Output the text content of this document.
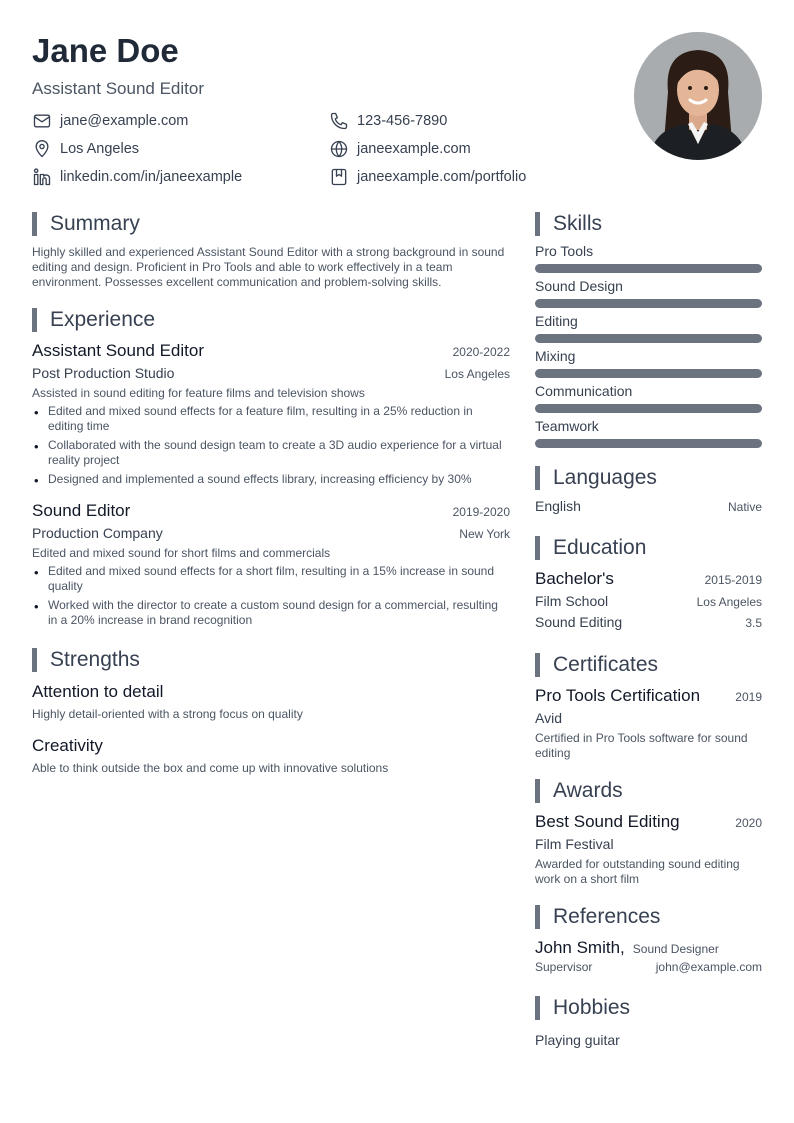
Jane Doe
Assistant Sound Editor
jane@example.com	123-456-7890
Los Angeles	janeexample.com
linkedin.com/in/janeexample	janeexample.com/portfolio
Summary
Highly skilled and experienced Assistant Sound Editor with a strong background in sound editing and design. Proficient in Pro Tools and able to work effectively in a team environment. Possesses excellent communication and problem-solving skills.
Experience
Assistant Sound Editor	2020-2022
Post Production Studio	Los Angeles
Assisted in sound editing for feature films and television shows
• Edited and mixed sound effects for a feature film, resulting in a 25% reduction in editing time
• Collaborated with the sound design team to create a 3D audio experience for a virtual reality project
• Designed and implemented a sound effects library, increasing efficiency by 30%
Sound Editor	2019-2020
Production Company	New York
Edited and mixed sound for short films and commercials
• Edited and mixed sound effects for a short film, resulting in a 15% increase in sound quality
• Worked with the director to create a custom sound design for a commercial, resulting in a 20% increase in brand recognition
Strengths
Attention to detail
Highly detail-oriented with a strong focus on quality
Creativity
Able to think outside the box and come up with innovative solutions
Skills
Pro Tools
Sound Design
Editing
Mixing
Communication
Teamwork
Languages
English	Native
Education
Bachelor's	2015-2019
Film School	Los Angeles
Sound Editing	3.5
Certificates
Pro Tools Certification	2019
Avid
Certified in Pro Tools software for sound editing
Awards
Best Sound Editing	2020
Film Festival
Awarded for outstanding sound editing work on a short film
References
John Smith, Sound Designer
Supervisor	john@example.com
Hobbies
Playing guitar
